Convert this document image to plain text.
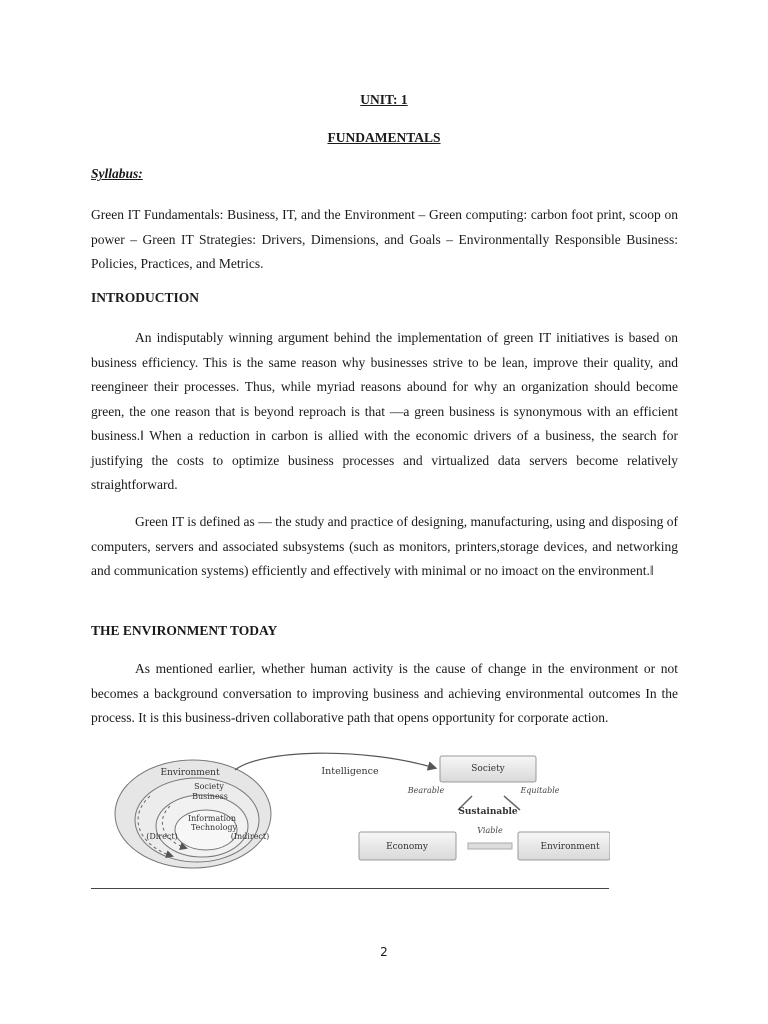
UNIT: 1
FUNDAMENTALS
Syllabus:

Green IT Fundamentals: Business, IT, and the Environment – Green computing: carbon foot print, scoop on power – Green IT Strategies: Drivers, Dimensions, and Goals – Environmentally Responsible Business: Policies, Practices, and Metrics.

INTRODUCTION

An indisputably winning argument behind the implementation of green IT initiatives is based on business efficiency. This is the same reason why businesses strive to be lean, improve their quality, and reengineer their processes. Thus, while myriad reasons abound for why an organization should become green, the one reason that is beyond reproach is that ―a green business is synonymous with an efficient business.‖ When a reduction in carbon is allied with the economic drivers of a business, the search for justifying the costs to optimize business processes and virtualized data servers become relatively straightforward.

Green IT is defined as ― the study and practice of designing, manufacturing, using and disposing of computers, servers and associated subsystems (such as monitors, printers,storage devices, and networking and communication systems) efficiently and effectively with minimal or no imoact on the environment.‖

THE ENVIRONMENT TODAY

As mentioned earlier, whether human activity is the cause of change in the environment or not becomes a background conversation to improving business and achieving environmental outcomes In the process. It is this business-driven collaborative path that opens opportunity for corporate action.

Environment
Society
Business
Information
Technology
(Direct)	(Indirect)
Intelligence	Society
Economy	Environment
Bearable	Equitable
Sustainable
Viable
2
